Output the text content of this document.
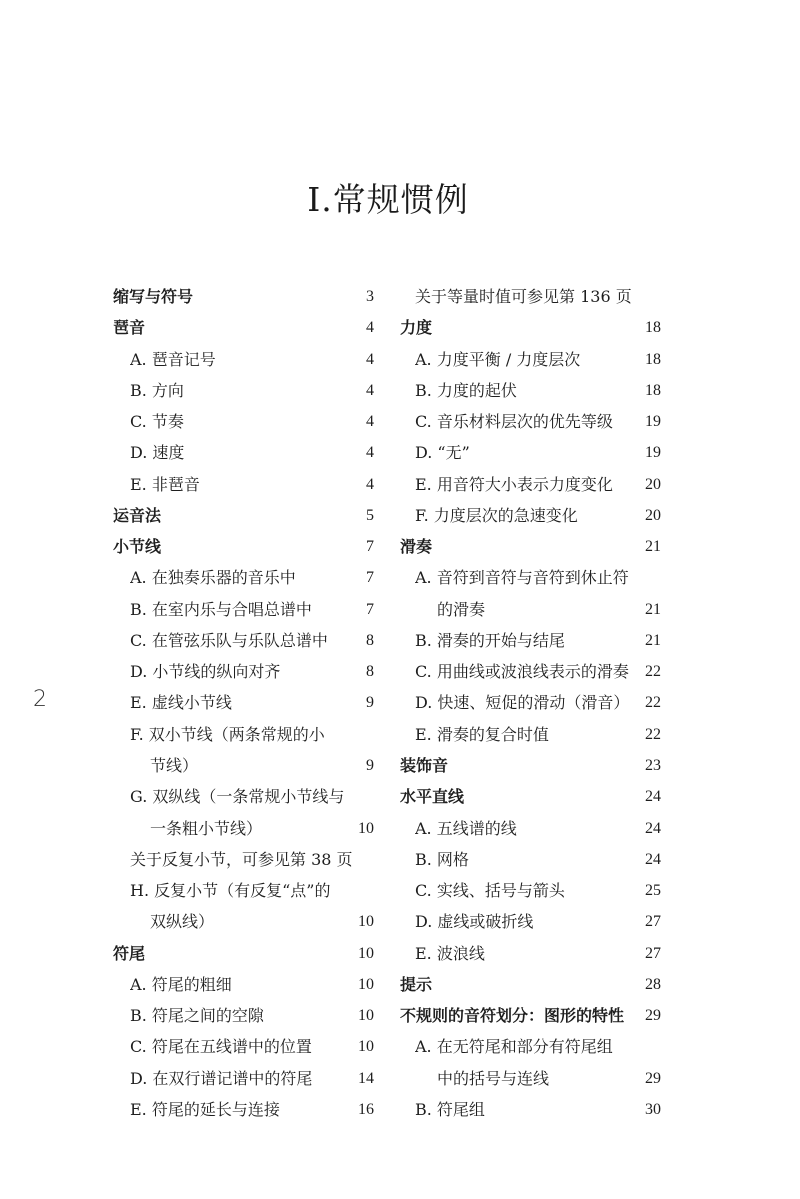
Ⅰ.常规惯例
2
缩写与符号	3
琶音	4
A. 琶音记号	4
B. 方向	4
C. 节奏	4
D. 速度	4
E. 非琶音	4
运音法	5
小节线	7
A. 在独奏乐器的音乐中	7
B. 在室内乐与合唱总谱中	7
C. 在管弦乐队与乐队总谱中	8
D. 小节线的纵向对齐	8
E. 虚线小节线	9
F. 双小节线（两条常规的小
节线）	9
G. 双纵线（一条常规小节线与
一条粗小节线）	10
关于反复小节，可参见第 38 页
H. 反复小节（有反复“点”的
双纵线）	10
符尾	10
A. 符尾的粗细	10
B. 符尾之间的空隙	10
C. 符尾在五线谱中的位置	10
D. 在双行谱记谱中的符尾	14
E. 符尾的延长与连接	16
关于等量时值可参见第 136 页
力度	18
A. 力度平衡 / 力度层次	18
B. 力度的起伏	18
C. 音乐材料层次的优先等级 19
D. “无”	19
E. 用音符大小表示力度变化 20
F. 力度层次的急速变化	20
滑奏	21
A. 音符到音符与音符到休止符
的滑奏	21
B. 滑奏的开始与结尾	21
C. 用曲线或波浪线表示的滑奏 22
D. 快速、短促的滑动（滑音） 22
E. 滑奏的复合时值	22
装饰音	23
水平直线	24
A. 五线谱的线	24
B. 网格	24
C. 实线、括号与箭头	25
D. 虚线或破折线	27
E. 波浪线	27
提示	28
不规则的音符划分：图形的特性 29
A. 在无符尾和部分有符尾组
中的括号与连线	29
B. 符尾组	30
